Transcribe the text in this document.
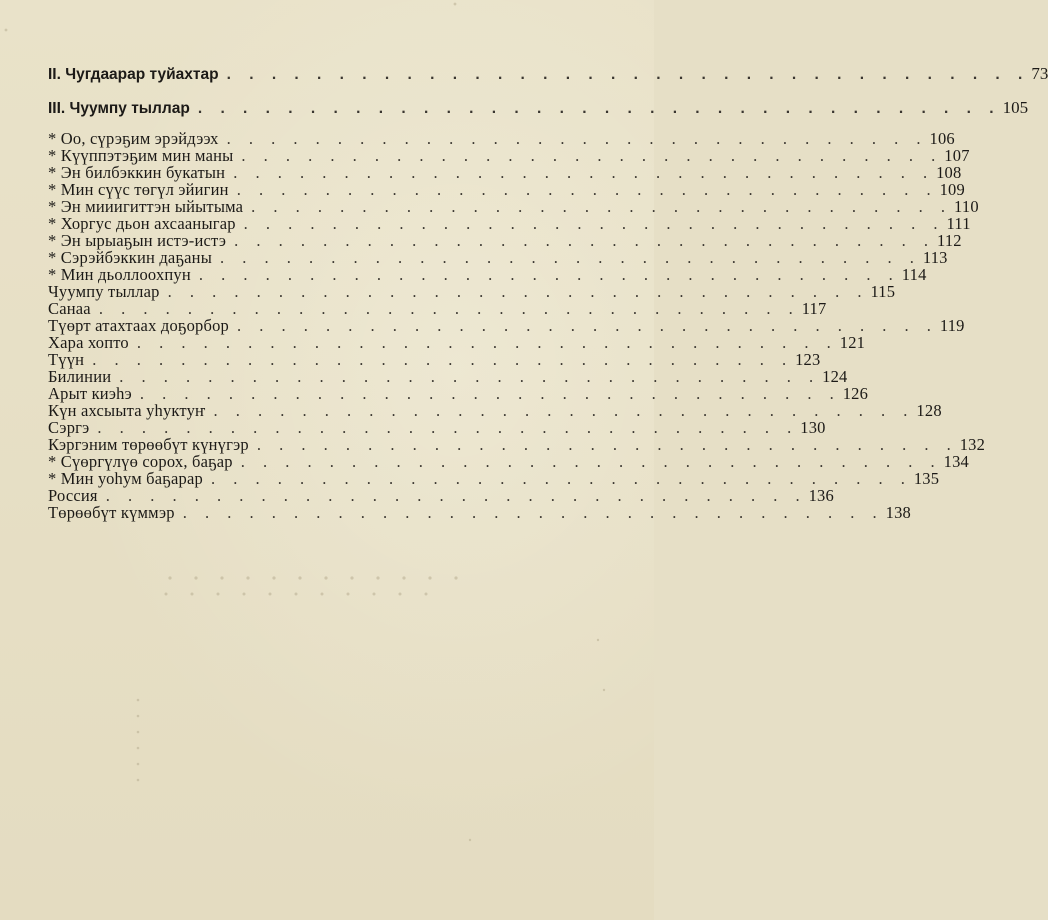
II. Чугдаарар туйахтар . . . . . . . . . . . . . . . . . . . . . . . . . . . . . . . . . . . . 73
III. Чуумпу тыллар . . . . . . . . . . . . . . . . . . . . . . . . . . . . . . . . . . . . 105
* Оо, сүрэҕим эрэйдээх . . . . . . . . . . . . . . . . . . . . . . . . . . . . . . . . 106
* Күүппэтэҕим мин маны . . . . . . . . . . . . . . . . . . . . . . . . . . . . . . . . 107
* Эн билбэккин букатын . . . . . . . . . . . . . . . . . . . . . . . . . . . . . . . . 108
* Мин сүүс төгүл эйигин . . . . . . . . . . . . . . . . . . . . . . . . . . . . . . . . 109
* Эн мииигиттэн ыйытыма . . . . . . . . . . . . . . . . . . . . . . . . . . . . . . . . 110
* Хоргус дьон ахсааныгар . . . . . . . . . . . . . . . . . . . . . . . . . . . . . . . . 111
* Эн ырыаҕын истэ-истэ . . . . . . . . . . . . . . . . . . . . . . . . . . . . . . . . 112
* Сэрэйбэккин даҕаны . . . . . . . . . . . . . . . . . . . . . . . . . . . . . . . . 113
* Мин дьоллоохпун . . . . . . . . . . . . . . . . . . . . . . . . . . . . . . . . 114
Чуумпу тыллар . . . . . . . . . . . . . . . . . . . . . . . . . . . . . . . . 115
Санаа . . . . . . . . . . . . . . . . . . . . . . . . . . . . . . . . 117
Түөрт атахтаах доҕорбор . . . . . . . . . . . . . . . . . . . . . . . . . . . . . . . . 119
Хара хопто . . . . . . . . . . . . . . . . . . . . . . . . . . . . . . . . 121
Түүн . . . . . . . . . . . . . . . . . . . . . . . . . . . . . . . . 123
Билинии . . . . . . . . . . . . . . . . . . . . . . . . . . . . . . . . 124
Арыт киэһэ . . . . . . . . . . . . . . . . . . . . . . . . . . . . . . . . 126
Күн ахсыыта уһуктуҥ . . . . . . . . . . . . . . . . . . . . . . . . . . . . . . . . 128
Сэргэ . . . . . . . . . . . . . . . . . . . . . . . . . . . . . . . . 130
Кэргэним төрөөбүт күнүгэр . . . . . . . . . . . . . . . . . . . . . . . . . . . . . . . . 132
* Сүөргүлүө сорох, баҕар . . . . . . . . . . . . . . . . . . . . . . . . . . . . . . . . 134
* Мин уоһум баҕарар . . . . . . . . . . . . . . . . . . . . . . . . . . . . . . . . 135
Россия . . . . . . . . . . . . . . . . . . . . . . . . . . . . . . . . 136
Төрөөбүт күммэр . . . . . . . . . . . . . . . . . . . . . . . . . . . . . . . . 138
